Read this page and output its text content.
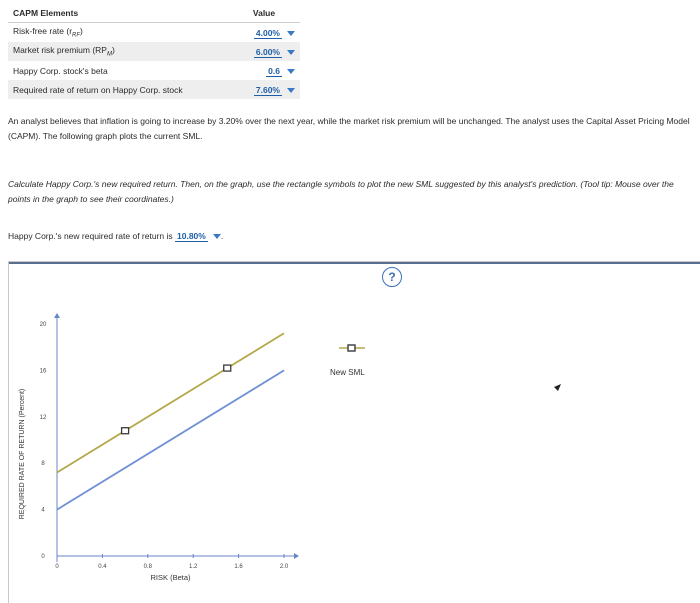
CAPM Elements	Value
Risk-free rate $(r_{RF})$	4.00%
Market risk premium $(RP_M)$	6.00%
Happy Corp. stock's beta	0.6
Required rate of return on Happy Corp. stock	7.60%
An analyst believes that inflation is going to increase by 3.20% over the next year, while the market risk premium will be unchanged. The analyst uses the Capital Asset Pricing Model (CAPM). The following graph plots the current SML.
Calculate Happy Corp.'s new required return. Then, on the graph, use the rectangle symbols to plot the new SML suggested by this analyst's prediction. (Tool tip: Mouse over the points in the graph to see their coordinates.)
Happy Corp.'s new required rate of return is 10.80% .
0	0.4	0.8	1.2	1.6	2.0
0
4
8
12
16
20
RISK (Beta)
REQUIRED RATE OF RETURN (Percent)
New SML
?
